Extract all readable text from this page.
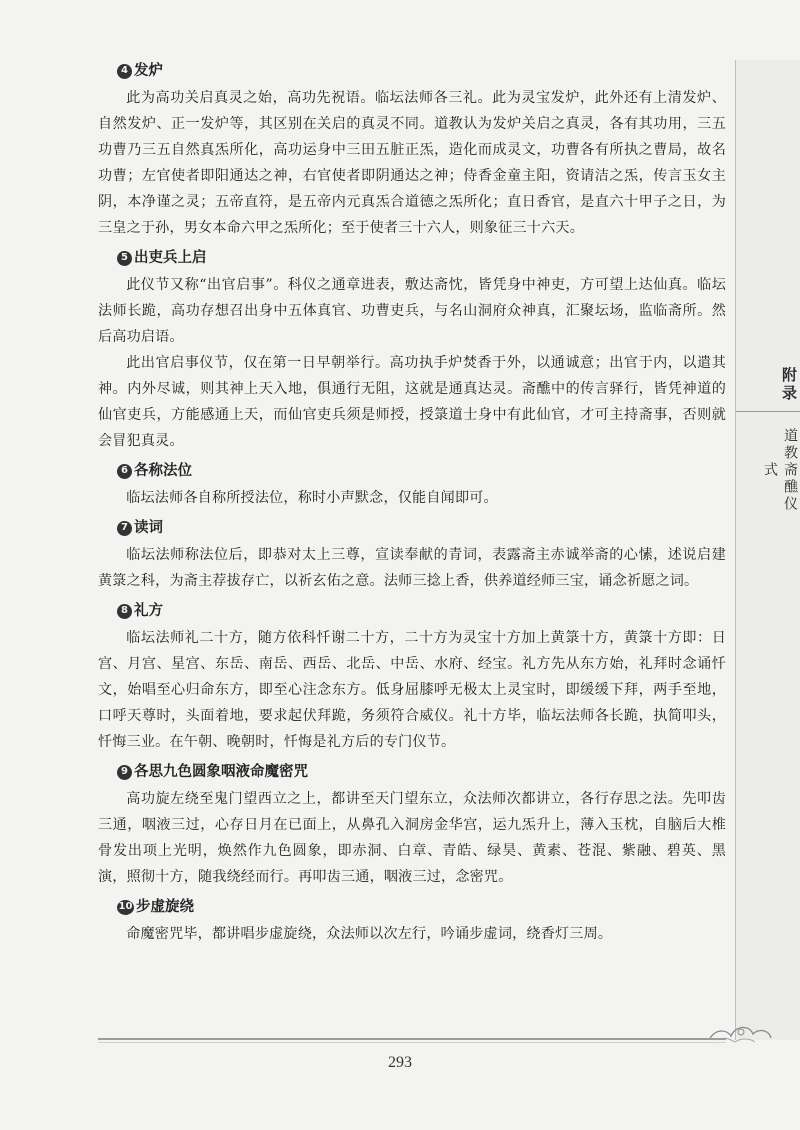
附录
道教斋醮仪式
4 发炉

此为高功关启真灵之始，高功先祝语。临坛法师各三礼。此为灵宝发炉，此外还有上清发炉、自然发炉、正一发炉等，其区别在关启的真灵不同。道教认为发炉关启之真灵，各有其功用，三五功曹乃三五自然真炁所化，高功运身中三田五脏正炁，造化而成灵文，功曹各有所执之曹局，故名功曹；左官使者即阳通达之神，右官使者即阴通达之神；侍香金童主阳，资请洁之炁，传言玉女主阴，本净谨之灵；五帝直符，是五帝内元真炁合道德之炁所化；直日香官，是直六十甲子之日，为三皇之于孙，男女本命六甲之炁所化；至于使者三十六人，则象征三十六天。

5 出吏兵上启

此仪节又称“出官启事”。科仪之通章进表，敷达斋忱，皆凭身中神吏，方可望上达仙真。临坛法师长跪，高功存想召出身中五体真官、功曹吏兵，与名山洞府众神真，汇聚坛场，监临斋所。然后高功启语。

此出官启事仪节，仅在第一日早朝举行。高功执手炉焚香于外，以通诚意；出官于内，以遣其神。内外尽诚，则其神上天入地，俱通行无阻，这就是通真达灵。斋醮中的传言驿行，皆凭神道的仙官吏兵，方能感通上天，而仙官吏兵须是师授，授箓道士身中有此仙官，才可主持斋事，否则就会冒犯真灵。

6 各称法位

临坛法师各自称所授法位，称时小声默念，仅能自闻即可。

7 读词

临坛法师称法位后，即恭对太上三尊，宣读奉献的青词，表露斋主赤诚举斋的心愫，述说启建黄箓之科，为斋主荐拔存亡，以祈玄佑之意。法师三捻上香，供养道经师三宝，诵念祈愿之词。

8 礼方

临坛法师礼二十方，随方依科忏谢二十方，二十方为灵宝十方加上黄箓十方，黄箓十方即：日宫、月宫、星宫、东岳、南岳、西岳、北岳、中岳、水府、经宝。礼方先从东方始，礼拜时念诵忏文，始唱至心归命东方，即至心注念东方。低身屈膝呼无极太上灵宝时，即缓缓下拜，两手至地，口呼天尊时，头面着地，要求起伏拜跪，务须符合威仪。礼十方毕，临坛法师各长跪，执简叩头，忏悔三业。在午朝、晚朝时，忏悔是礼方后的专门仪节。

9 各思九色圆象咽液命魔密咒

高功旋左绕至鬼门望西立之上，都讲至天门望东立，众法师次都讲立，各行存思之法。先叩齿三通，咽液三过，心存日月在已面上，从鼻孔入洞房金华宫，运九炁升上，薄入玉枕，自脑后大椎骨发出项上光明，焕然作九色圆象，即赤洞、白章、青皓、绿昊、黄素、苍混、紫融、碧英、黑演，照彻十方，随我绕经而行。再叩齿三通，咽液三过，念密咒。

10 步虚旋绕

命魔密咒毕，都讲唱步虚旋绕，众法师以次左行，吟诵步虚词，绕香灯三周。

293
